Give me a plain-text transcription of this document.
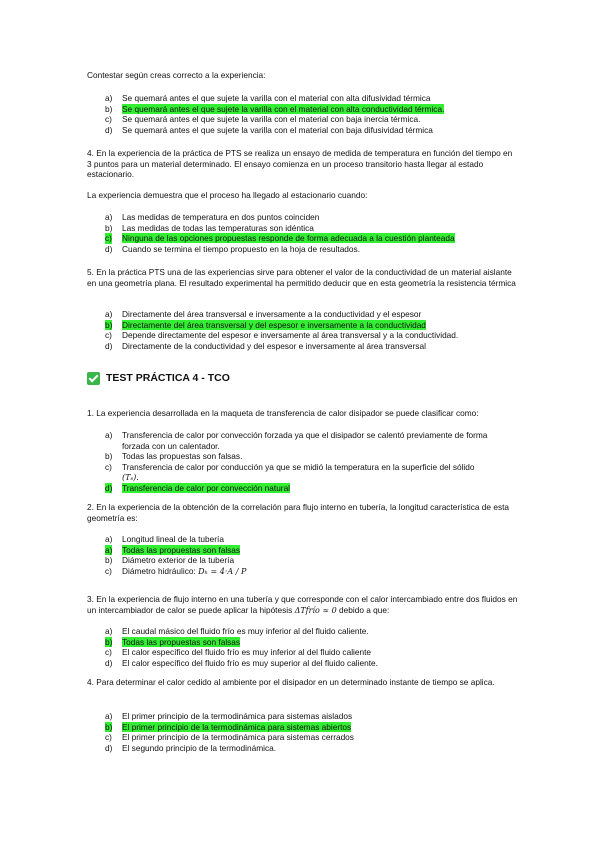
Contestar según creas correcto a la experiencia:

a) Se quemará antes el que sujete la varilla con el material con alta difusividad térmica
b) Se quemará antes el que sujete la varilla con el material con alta conductividad térmica.
c) Se quemará antes el que sujete la varilla con el material con baja inercia térmica.
d) Se quemará antes el que sujete la varilla con el material con baja difusividad térmica

4. En la experiencia de la práctica de PTS se realiza un ensayo de medida de temperatura en función del tiempo en 3 puntos para un material determinado. El ensayo comienza en un proceso transitorio hasta llegar al estado estacionario.

La experiencia demuestra que el proceso ha llegado al estacionario cuando:

a) Las medidas de temperatura en dos puntos coinciden
b) Las medidas de todas las temperaturas son idéntica
c) Ninguna de las opciones propuestas responde de forma adecuada a la cuestión planteada
d) Cuando se termina el tiempo propuesto en la hoja de resultados.

5. En la práctica PTS una de las experiencias sirve para obtener el valor de la conductividad de un material aislante en una geometría plana. El resultado experimental ha permitido deducir que en esta geometría la resistencia térmica

a) Directamente del área transversal e inversamente a la conductividad y el espesor
b) Directamente del área transversal y del espesor e inversamente a la conductividad
c) Depende directamente del espesor e inversamente al área transversal y a la conductividad.
d) Directamente de la conductividad y del espesor e inversamente al área transversal
TEST PRÁCTICA 4 - TCO

1. La experiencia desarrollada en la maqueta de transferencia de calor disipador se puede clasificar como:

a) Transferencia de calor por convección forzada ya que el disipador se calentó previamente de forma forzada con un calentador.
b) Todas las propuestas son falsas.
c) Transferencia de calor por conducción ya que se midió la temperatura en la superficie del sólido
(Tₛ).
d) Transferencia de calor por convección natural

2. En la experiencia de la obtención de la correlación para flujo interno en tubería, la longitud característica de esta geometría es:

a) Longitud lineal de la tubería
a) Todas las propuestas son falsas
b) Diámetro exterior de la tubería
c) Diámetro hidráulico: Dₕ = 4·A / P

3. En la experiencia de flujo interno en una tubería y que corresponde con el calor intercambiado entre dos fluidos en un intercambiador de calor se puede aplicar la hipótesis ΔTfrío ≈ 0 debido a que:

a) El caudal másico del fluido frío es muy inferior al del fluido caliente.
b) Todas las propuestas son falsas
c) El calor específico del fluido frío es muy inferior al del fluido caliente
d) El calor específico del fluido frío es muy superior al del fluido caliente.

4. Para determinar el calor cedido al ambiente por el disipador en un determinado instante de tiempo se aplica.

a) El primer principio de la termodinámica para sistemas aislados
b) El primer principio de la termodinámica para sistemas abiertos
c) El primer principio de la termodinámica para sistemas cerrados
d) El segundo principio de la termodinámica.
